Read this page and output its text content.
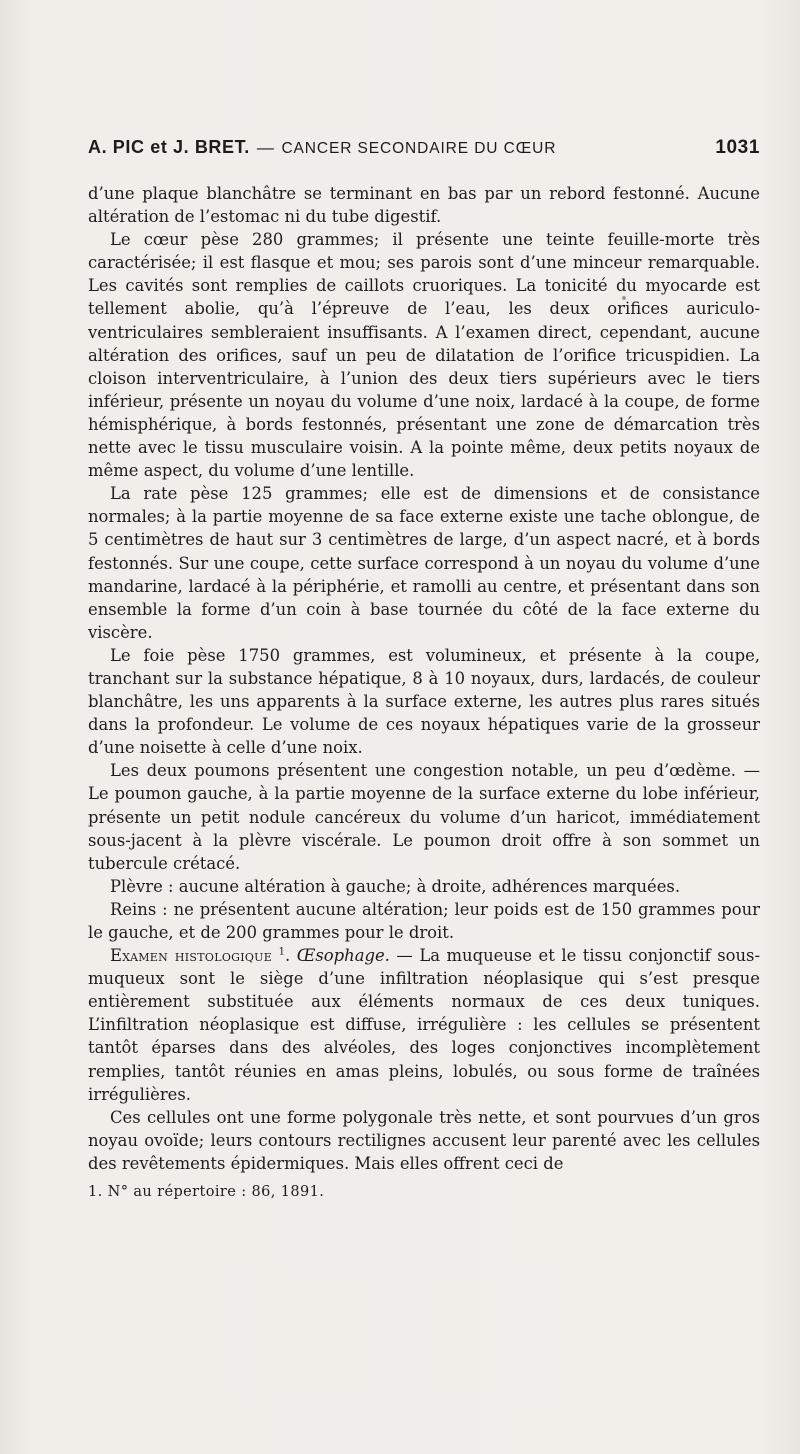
A. PIC et J. BRET. — CANCER SECONDAIRE DU CŒUR	1031

d’une plaque blanchâtre se terminant en bas par un rebord festonné. Aucune altération de l’estomac ni du tube digestif.

Le cœur pèse 280 grammes; il présente une teinte feuille-morte très caractérisée; il est flasque et mou; ses parois sont d’une minceur remarquable. Les cavités sont remplies de caillots cruoriques. La tonicité du myocarde est tellement abolie, qu’à l’épreuve de l’eau, les deux orifices auriculo-ventriculaires sembleraient insuffisants. A l’examen direct, cependant, aucune altération des orifices, sauf un peu de dilatation de l’orifice tricuspidien. La cloison interventriculaire, à l’union des deux tiers supérieurs avec le tiers inférieur, présente un noyau du volume d’une noix, lardacé à la coupe, de forme hémisphérique, à bords festonnés, présentant une zone de démarcation très nette avec le tissu musculaire voisin. A la pointe même, deux petits noyaux de même aspect, du volume d’une lentille.

La rate pèse 125 grammes; elle est de dimensions et de consistance normales; à la partie moyenne de sa face externe existe une tache oblongue, de 5 centimètres de haut sur 3 centimètres de large, d’un aspect nacré, et à bords festonnés. Sur une coupe, cette surface correspond à un noyau du volume d’une mandarine, lardacé à la périphérie, et ramolli au centre, et présentant dans son ensemble la forme d’un coin à base tournée du côté de la face externe du viscère.

Le foie pèse 1750 grammes, est volumineux, et présente à la coupe, tranchant sur la substance hépatique, 8 à 10 noyaux, durs, lardacés, de couleur blanchâtre, les uns apparents à la surface externe, les autres plus rares situés dans la profondeur. Le volume de ces noyaux hépatiques varie de la grosseur d’une noisette à celle d’une noix.

Les deux poumons présentent une congestion notable, un peu d’œdème. — Le poumon gauche, à la partie moyenne de la surface externe du lobe inférieur, présente un petit nodule cancéreux du volume d’un haricot, immédiatement sous-jacent à la plèvre viscérale. Le poumon droit offre à son sommet un tubercule crétacé.

Plèvre : aucune altération à gauche; à droite, adhérences marquées.

Reins : ne présentent aucune altération; leur poids est de 150 grammes pour le gauche, et de 200 grammes pour le droit.

Examen histologique $^1$. Œsophage. — La muqueuse et le tissu conjonctif sous-muqueux sont le siège d’une infiltration néoplasique qui s’est presque entièrement substituée aux éléments normaux de ces deux tuniques. L’infiltration néoplasique est diffuse, irrégulière : les cellules se présentent tantôt éparses dans des alvéoles, des loges conjonctives incomplètement remplies, tantôt réunies en amas pleins, lobulés, ou sous forme de traînées irrégulières.

Ces cellules ont une forme polygonale très nette, et sont pourvues d’un gros noyau ovoïde; leurs contours rectilignes accusent leur parenté avec les cellules des revêtements épidermiques. Mais elles offrent ceci de

1. N° au répertoire : 86, 1891.
